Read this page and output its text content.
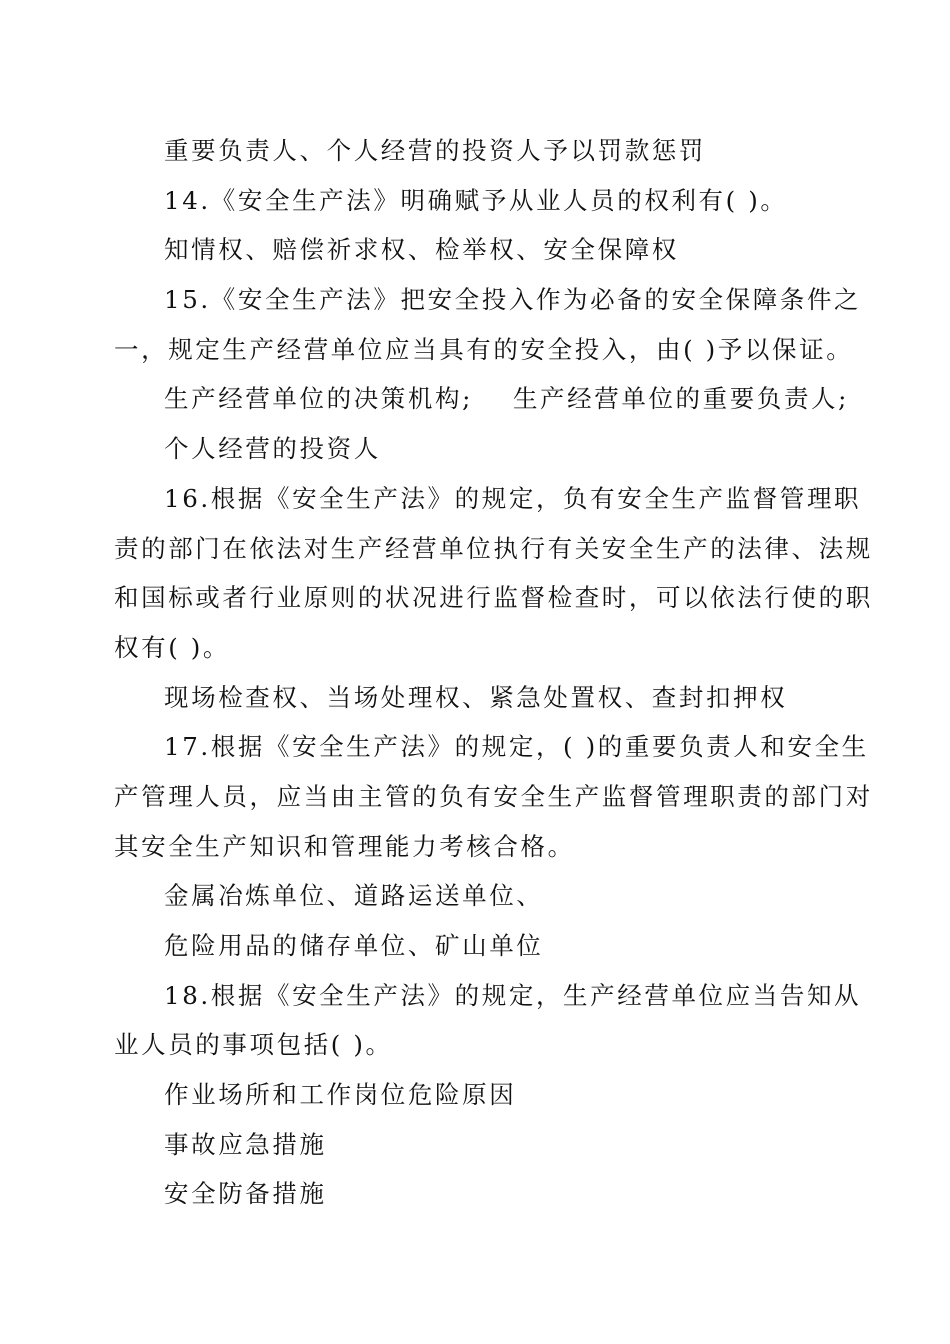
重要负责人、个人经营的投资人予以罚款惩罚
14.《安全生产法》明确赋予从业人员的权利有( )。
知情权、赔偿祈求权、检举权、安全保障权
15.《安全生产法》把安全投入作为必备的安全保障条件之
一，规定生产经营单位应当具有的安全投入，由( )予以保证。
生产经营单位的决策机构; 生产经营单位的重要负责人;
个人经营的投资人
16.根据《安全生产法》的规定，负有安全生产监督管理职
责的部门在依法对生产经营单位执行有关安全生产的法律、法规
和国标或者行业原则的状况进行监督检查时，可以依法行使的职
权有( )。
现场检查权、当场处理权、紧急处置权、查封扣押权
17.根据《安全生产法》的规定，( )的重要负责人和安全生
产管理人员，应当由主管的负有安全生产监督管理职责的部门对
其安全生产知识和管理能力考核合格。
金属冶炼单位、道路运送单位、
危险用品的储存单位、矿山单位
18.根据《安全生产法》的规定，生产经营单位应当告知从
业人员的事项包括( )。
作业场所和工作岗位危险原因
事故应急措施
安全防备措施
